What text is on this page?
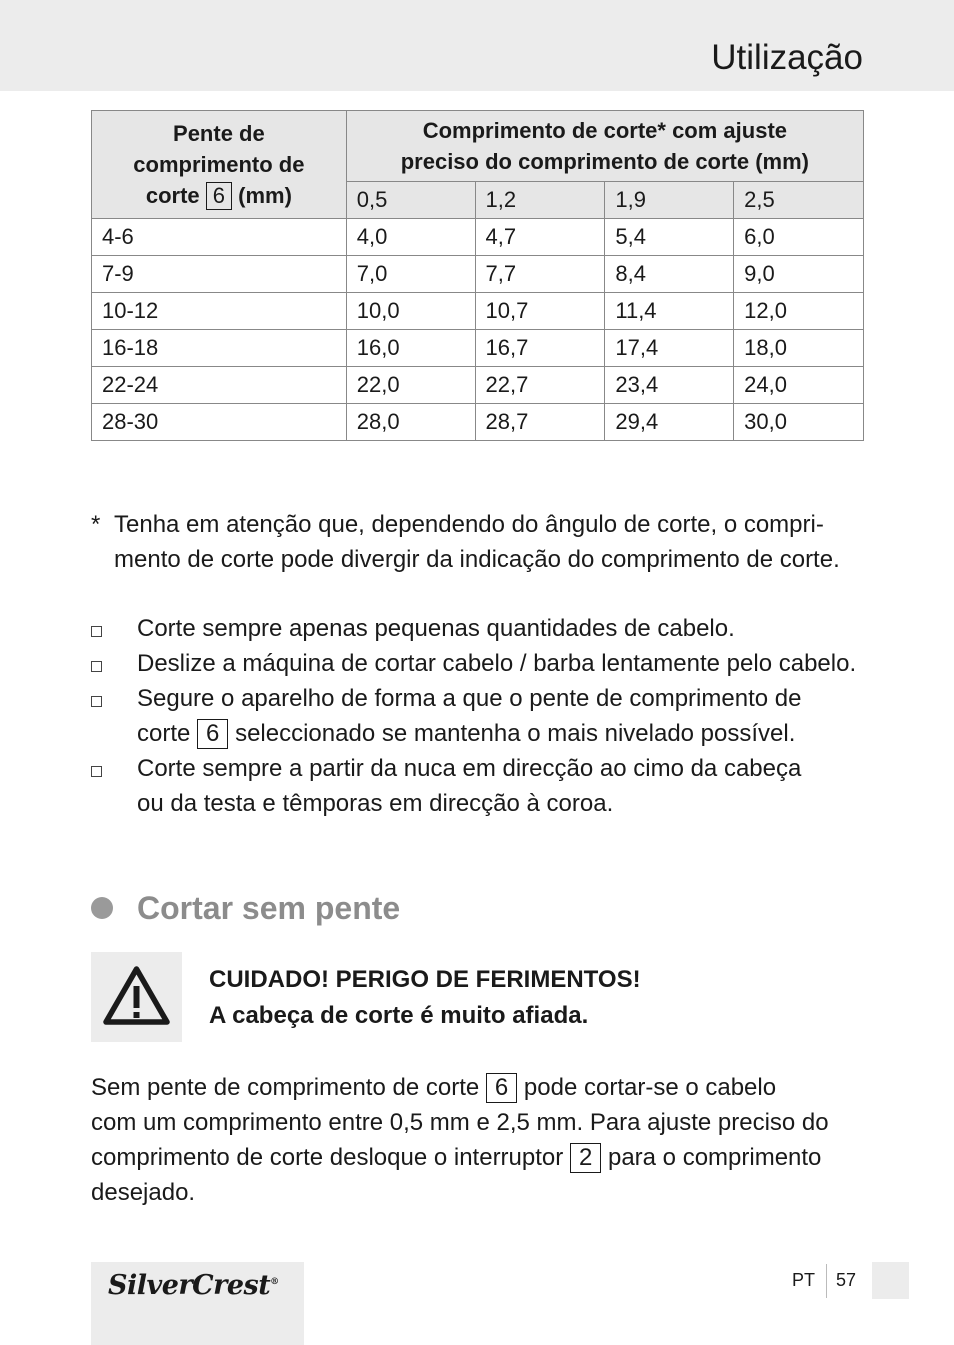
Utilização
Pente de
comprimento de
corte 6 (mm)	Comprimento de corte* com ajuste
preciso do comprimento de corte (mm)			
	0,5	1,2	1,9	2,5
4-6	4,0	4,7	5,4	6,0
7-9	7,0	7,7	8,4	9,0
10-12	10,0	10,7	11,4	12,0
16-18	16,0	16,7	17,4	18,0
22-24	22,0	22,7	23,4	24,0
28-30	28,0	28,7	29,4	30,0
* Tenha em atenção que, dependendo do ângulo de corte, o compri-
mento de corte pode divergir da indicação do comprimento de corte.
Corte sempre apenas pequenas quantidades de cabelo.
Deslize a máquina de cortar cabelo / barba lentamente pelo cabelo.
Segure o aparelho de forma a que o pente de comprimento de
corte 6 seleccionado se mantenha o mais nivelado possível.
Corte sempre a partir da nuca em direcção ao cimo da cabeça
ou da testa e têmporas em direcção à coroa.
Cortar sem pente
CUIDADO! PERIGO DE FERIMENTOS!
A cabeça de corte é muito afiada.
Sem pente de comprimento de corte 6 pode cortar-se o cabelo
com um comprimento entre 0,5 mm e 2,5 mm. Para ajuste preciso do
comprimento de corte desloque o interruptor 2 para o comprimento
desejado.
SilverCrest®	PT 57
